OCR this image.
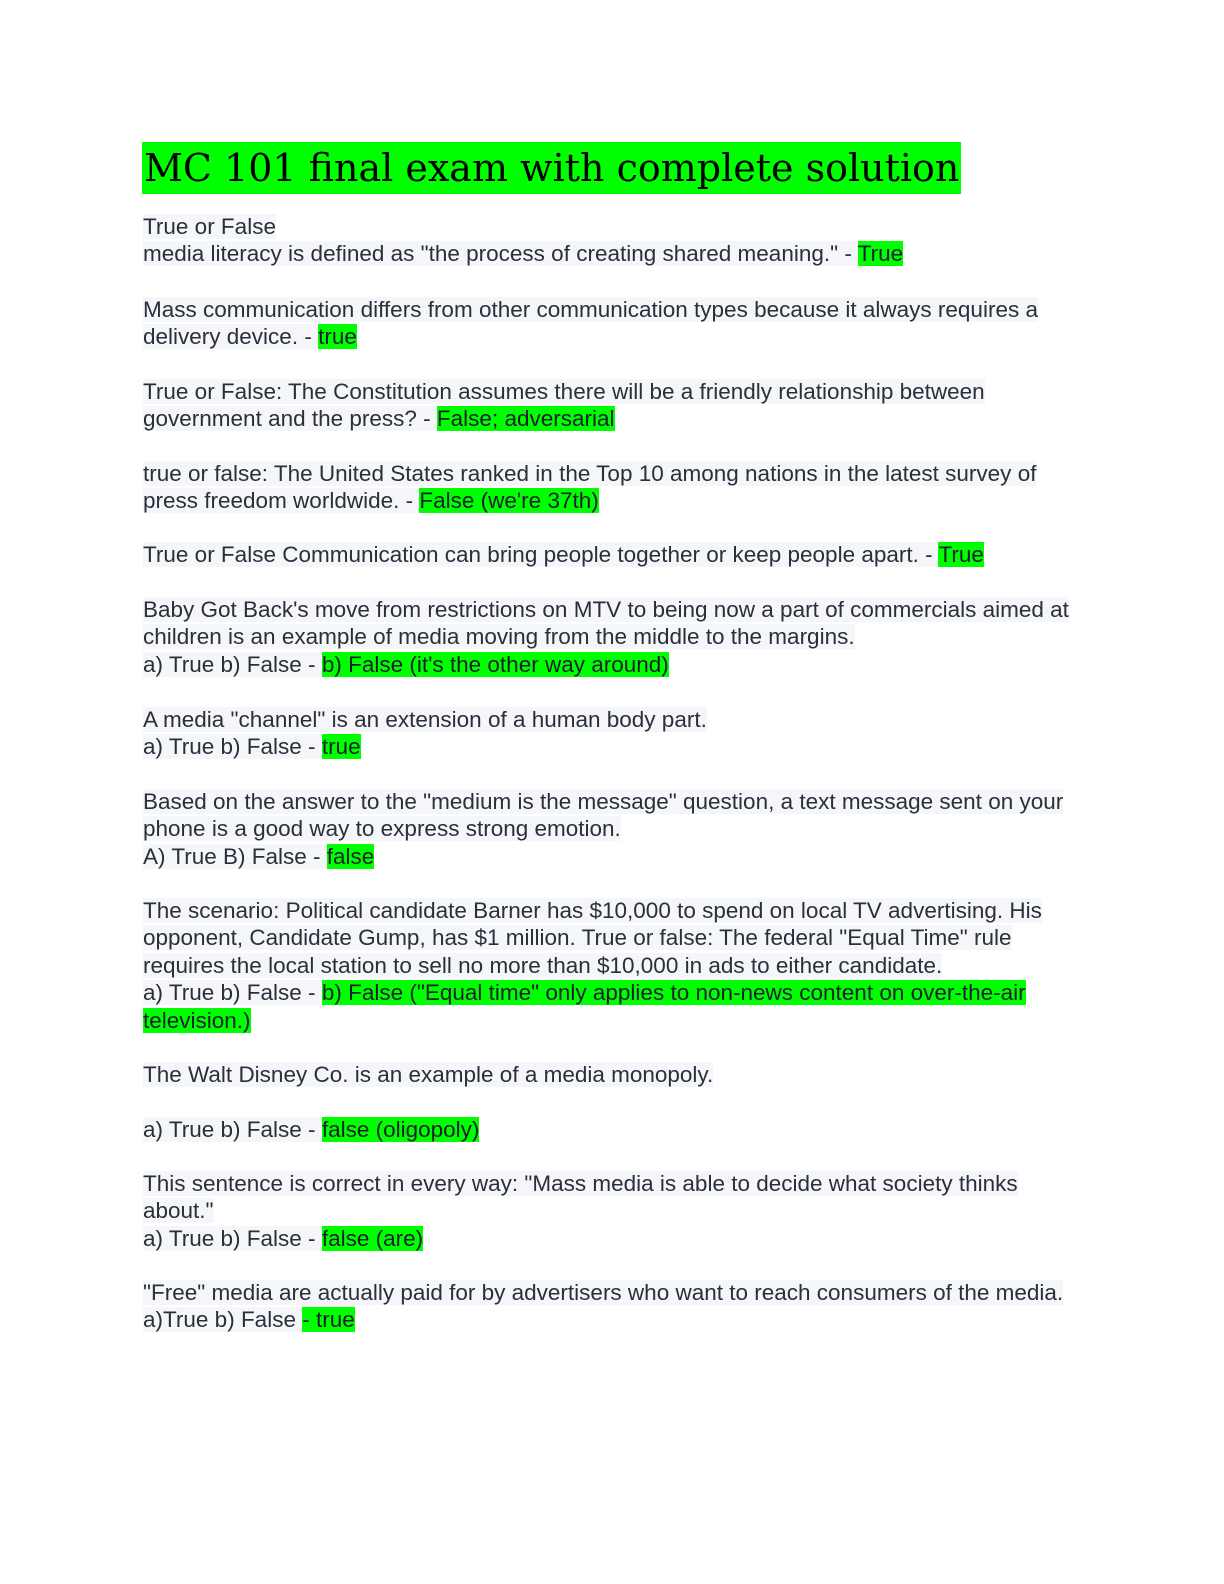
MC 101 final exam with complete solution

True or False
media literacy is defined as "the process of creating shared meaning." - True

Mass communication differs from other communication types because it always requires a delivery device. - true

True or False: The Constitution assumes there will be a friendly relationship between government and the press? - False; adversarial

true or false: The United States ranked in the Top 10 among nations in the latest survey of press freedom worldwide. - False (we're 37th)

True or False Communication can bring people together or keep people apart. - True

Baby Got Back's move from restrictions on MTV to being now a part of commercials aimed at children is an example of media moving from the middle to the margins.
a) True b) False - b) False (it's the other way around)

A media "channel" is an extension of a human body part.
a) True b) False - true

Based on the answer to the "medium is the message" question, a text message sent on your phone is a good way to express strong emotion.
A) True B) False - false

The scenario: Political candidate Barner has $10,000 to spend on local TV advertising. His opponent, Candidate Gump, has $1 million. True or false: The federal "Equal Time" rule requires the local station to sell no more than $10,000 in ads to either candidate.
a) True b) False - b) False ("Equal time" only applies to non-news content on over-the-air television.)

The Walt Disney Co. is an example of a media monopoly.

a) True b) False - false (oligopoly)

This sentence is correct in every way: "Mass media is able to decide what society thinks about."
a) True b) False - false (are)

"Free" media are actually paid for by advertisers who want to reach consumers of the media.
a)True b) False - true
